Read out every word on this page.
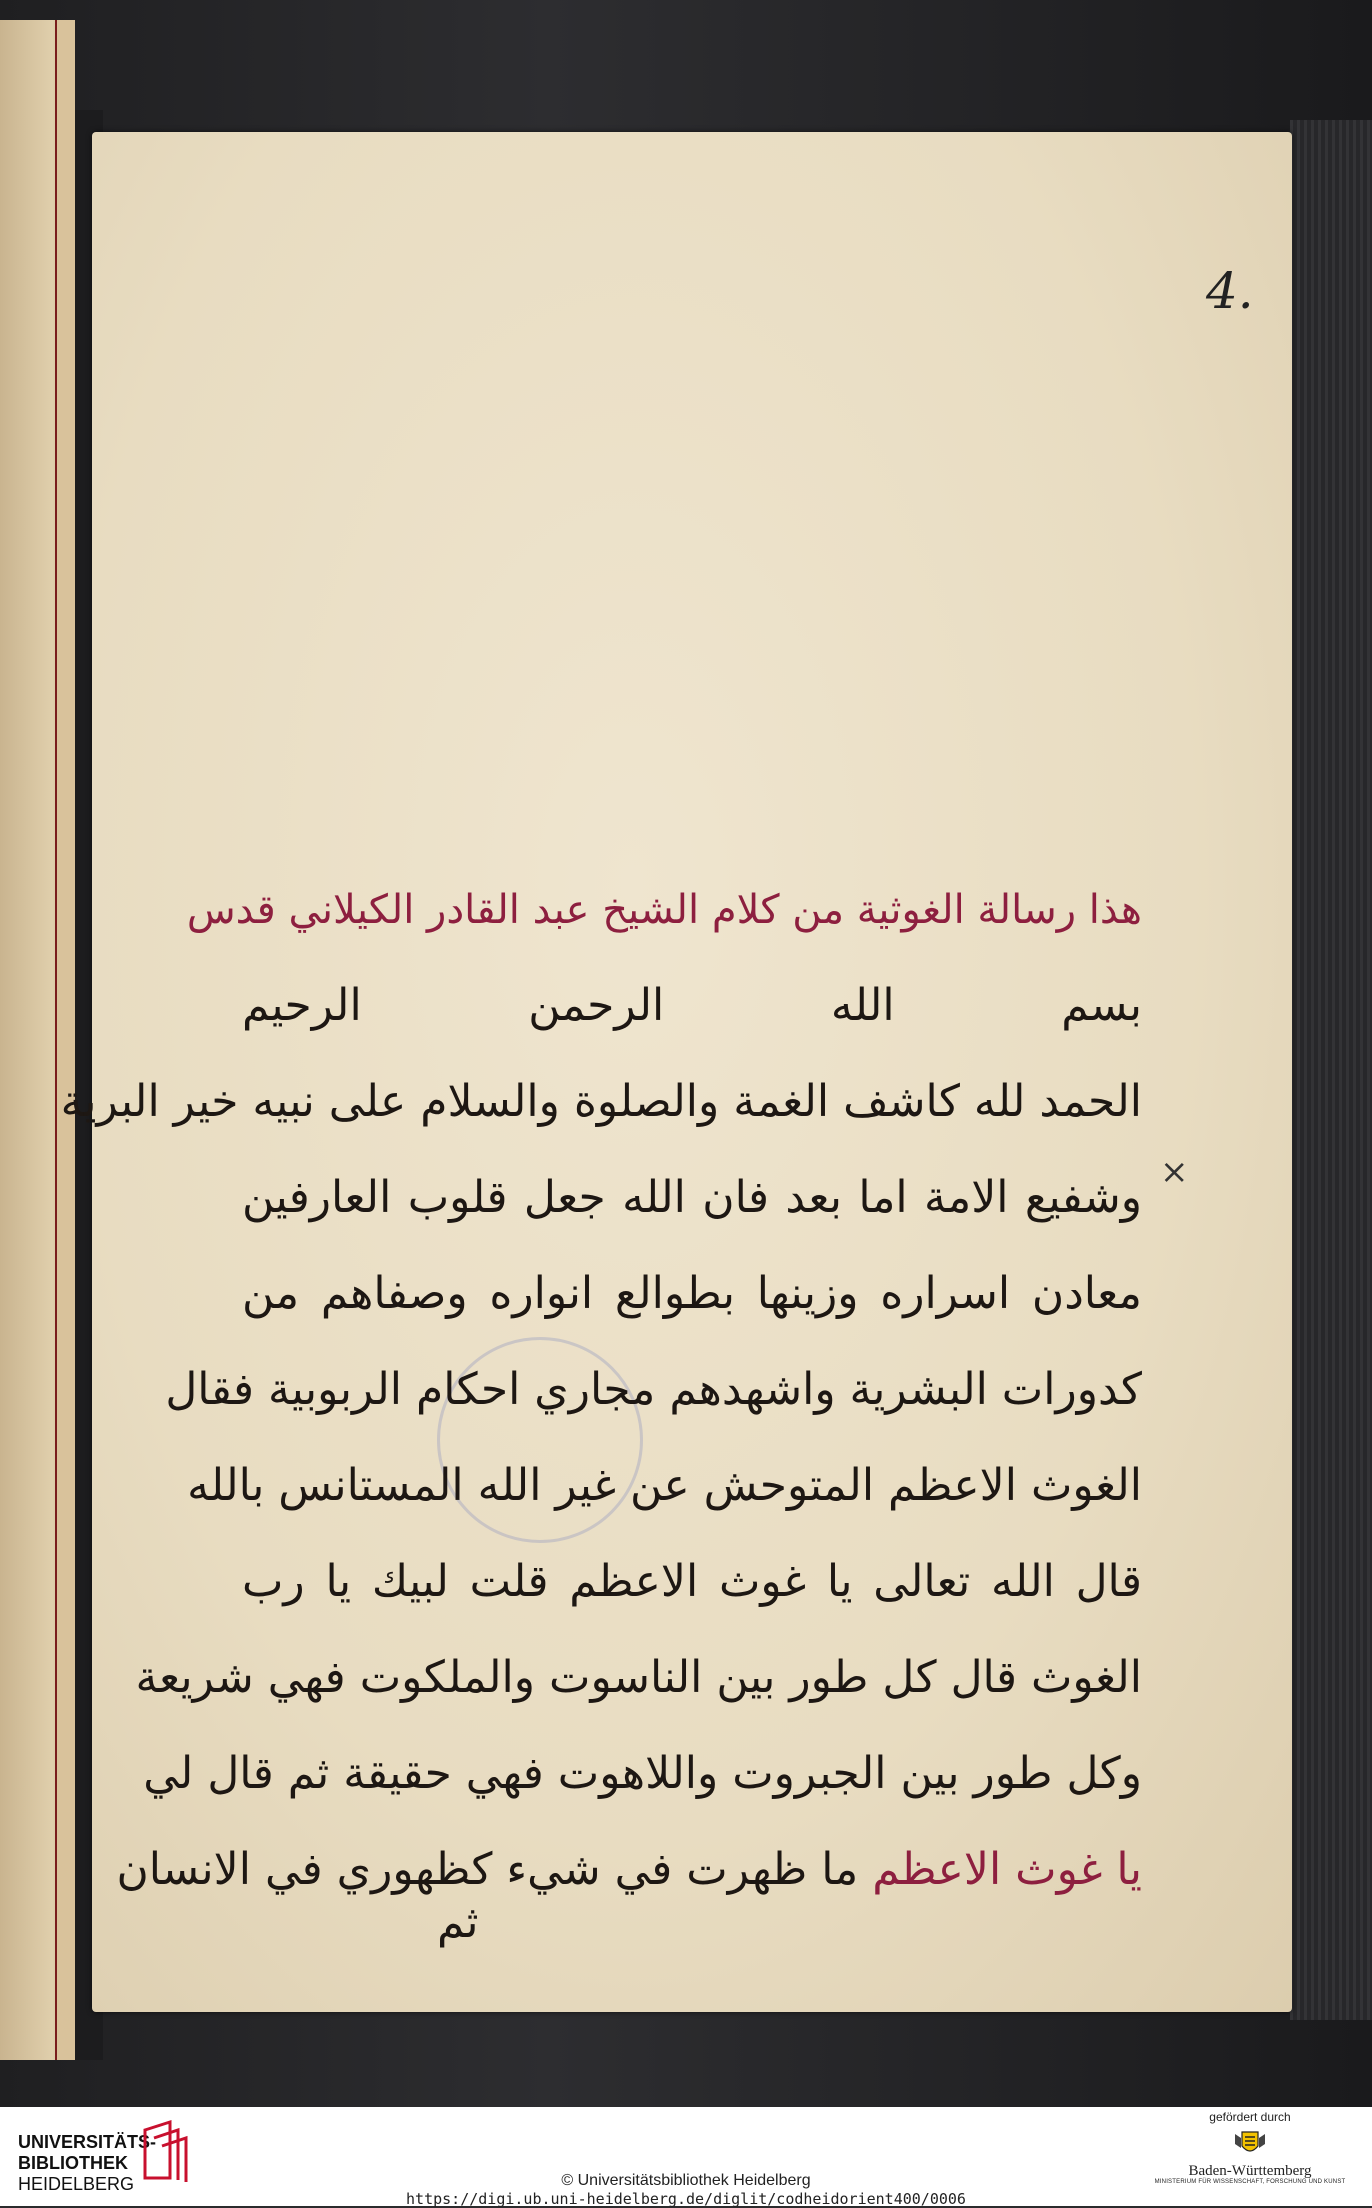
4.
×
هذا رسالة الغوثية من كلام الشيخ عبد القادر الكيلاني قدس
بسم الله الرحمن الرحيم
الحمد لله كاشف الغمة والصلوة والسلام على نبيه خير البرية
وشفيع الامة اما بعد فان الله جعل قلوب العارفين
معادن اسراره وزينها بطوالع انواره وصفاهم من
كدورات البشرية واشهدهم مجاري احكام الربوبية فقال
الغوث الاعظم المتوحش عن غير الله المستانس بالله
قال الله تعالى يا غوث الاعظم قلت لبيك يا رب
الغوث قال كل طور بين الناسوت والملكوت فهي شريعة
وكل طور بين الجبروت واللاهوت فهي حقيقة ثم قال لي
يا غوث الاعظم ما ظهرت في شيء كظهوري في الانسان
ثم
UNIVERSITÄTS-
BIBLIOTHEK
HEIDELBERG	© Universitätsbibliothek Heidelberg
https://digi.ub.uni-heidelberg.de/diglit/codheidorient400/0006
gefördert durch
Baden-Württemberg
MINISTERIUM FÜR WISSENSCHAFT, FORSCHUNG UND KUNST
